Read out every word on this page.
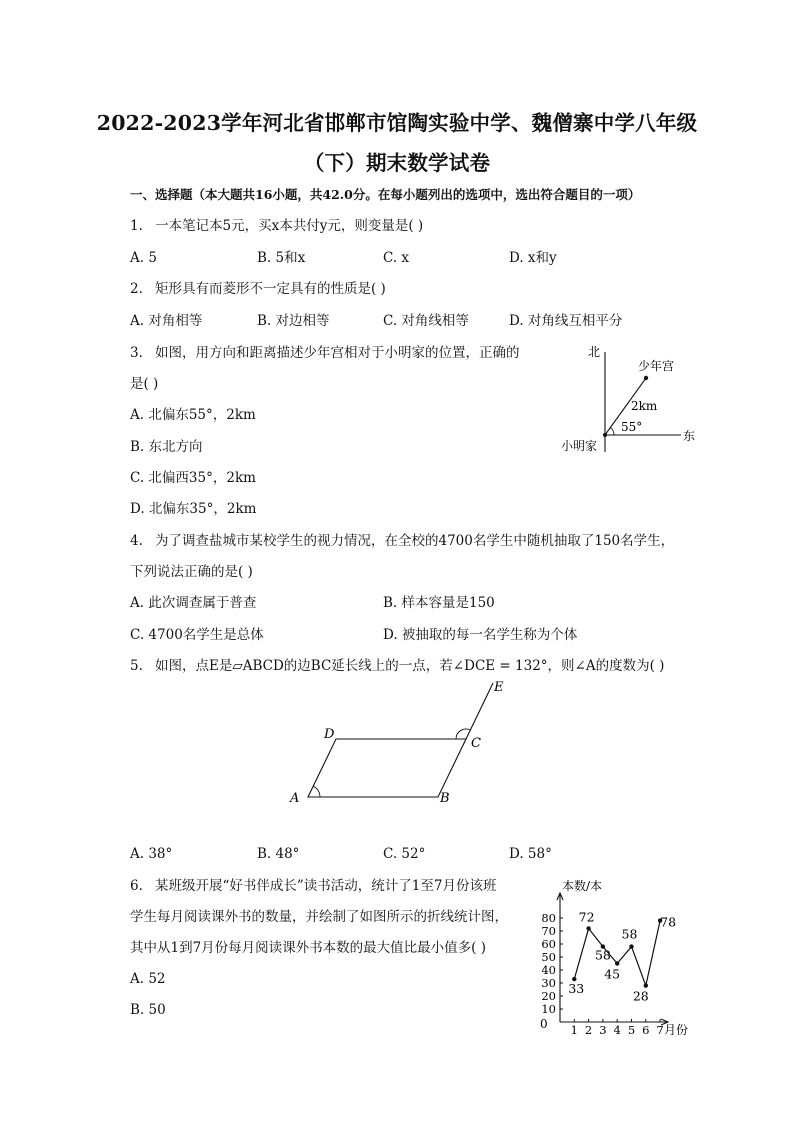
2022-2023学年河北省邯郸市馆陶实验中学、魏僧寨中学八年级
（下）期末数学试卷
一、选择题（本大题共16小题，共42.0分。在每小题列出的选项中，选出符合题目的一项）
1. 一本笔记本5元，买x本共付y元，则变量是( )
A. 5	B. 5和x	C. x	D. x和y
2. 矩形具有而菱形不一定具有的性质是( )
A. 对角相等	B. 对边相等	C. 对角线相等	D. 对角线互相平分
3. 如图，用方向和距离描述少年宫相对于小明家的位置，正确的
是( )
A. 北偏东55°，2km
B. 东北方向
C. 北偏西35°，2km
D. 北偏东35°，2km
北
东
小明家
少年宫
2km
55°
4. 为了调查盐城市某校学生的视力情况，在全校的4700名学生中随机抽取了150名学生，
下列说法正确的是( )
A. 此次调查属于普查	B. 样本容量是150
C. 4700名学生是总体	D. 被抽取的每一名学生称为个体
5. 如图，点E是▱ABCD的边BC延长线上的一点，若∠DCE = 132°，则∠A的度数为( )
A	B
C
D
E
A. 38°	B. 48°	C. 52°	D. 58°
6. 某班级开展“好书伴成长”读书活动，统计了1至7月份该班
学生每月阅读课外书的数量，并绘制了如图所示的折线统计图，
其中从1到7月份每月阅读课外书本数的最大值比最小值多( )
A. 52
B. 50
本数/本
0	月份
10
20
30
40
50
60
70
80
1 2 3 4 5 6 7
33
72
58
45
58
28
78
